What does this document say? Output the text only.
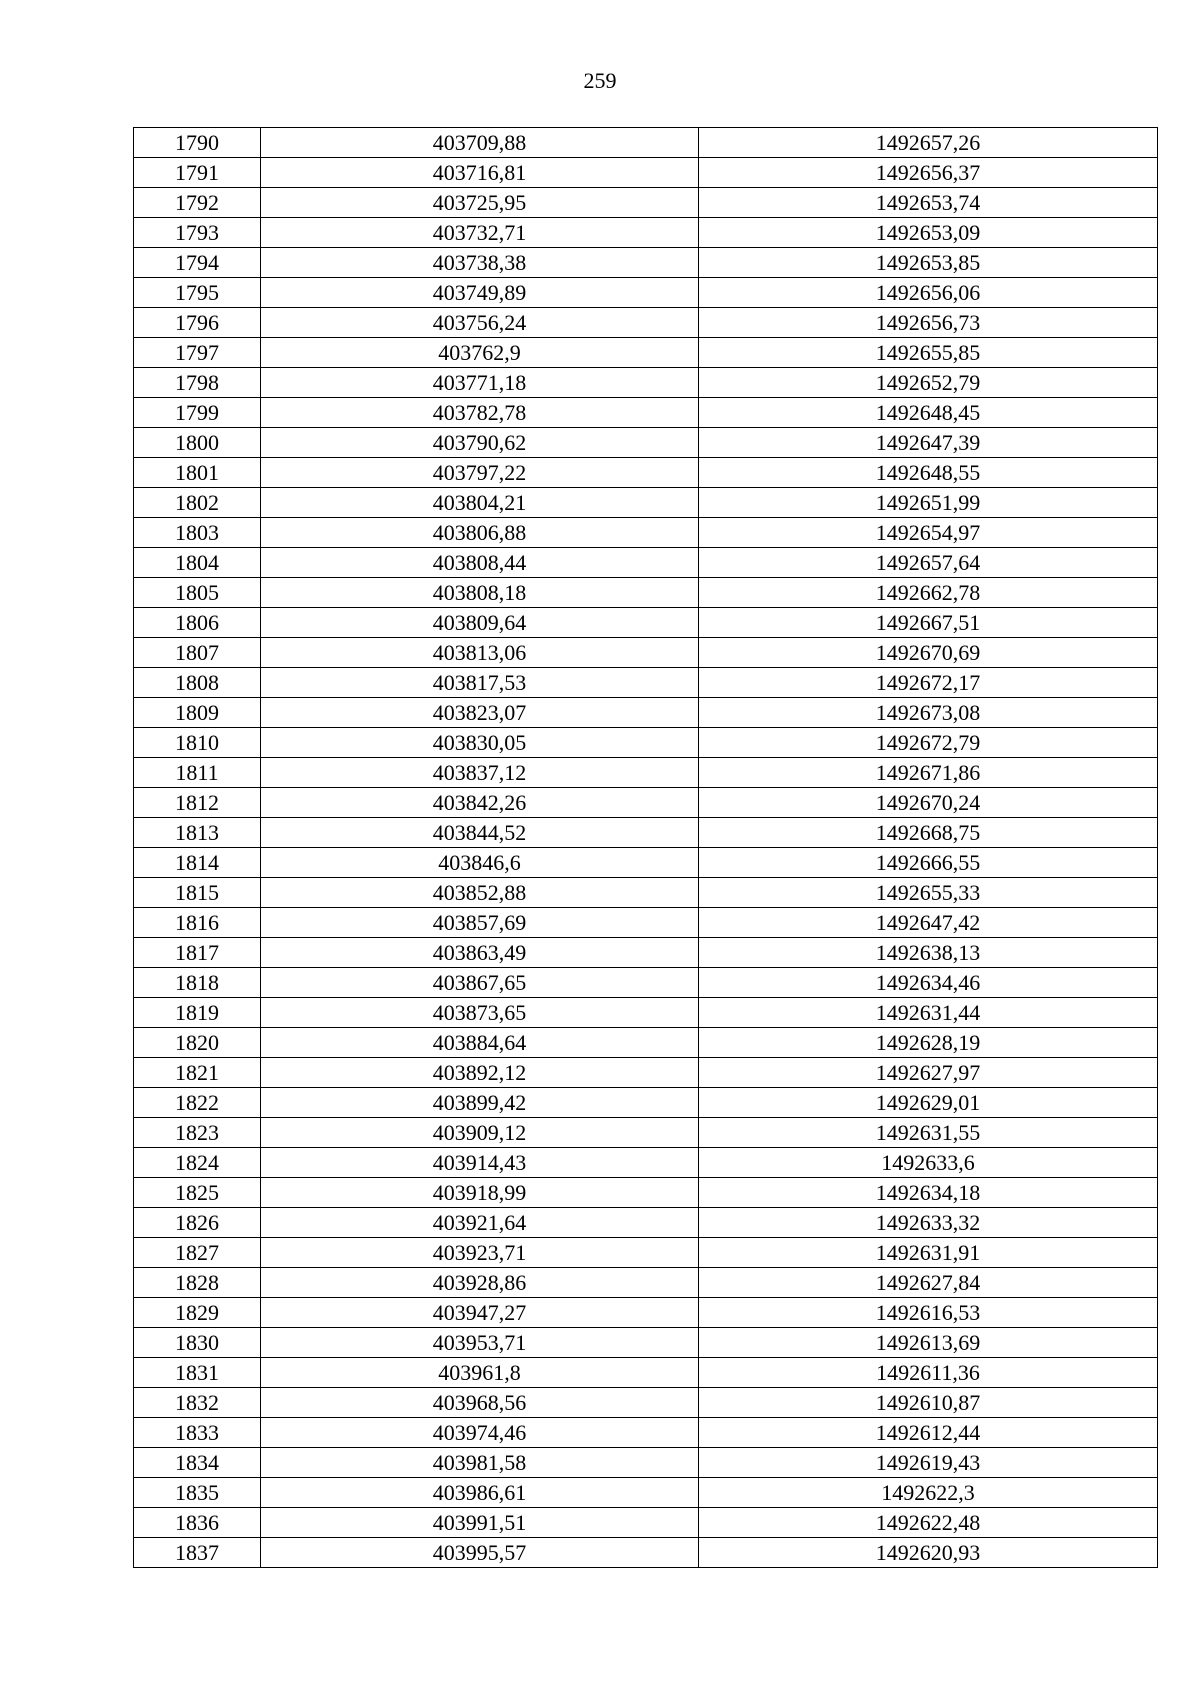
259
1790	403709,88	1492657,26
1791	403716,81	1492656,37
1792	403725,95	1492653,74
1793	403732,71	1492653,09
1794	403738,38	1492653,85
1795	403749,89	1492656,06
1796	403756,24	1492656,73
1797	403762,9	1492655,85
1798	403771,18	1492652,79
1799	403782,78	1492648,45
1800	403790,62	1492647,39
1801	403797,22	1492648,55
1802	403804,21	1492651,99
1803	403806,88	1492654,97
1804	403808,44	1492657,64
1805	403808,18	1492662,78
1806	403809,64	1492667,51
1807	403813,06	1492670,69
1808	403817,53	1492672,17
1809	403823,07	1492673,08
1810	403830,05	1492672,79
1811	403837,12	1492671,86
1812	403842,26	1492670,24
1813	403844,52	1492668,75
1814	403846,6	1492666,55
1815	403852,88	1492655,33
1816	403857,69	1492647,42
1817	403863,49	1492638,13
1818	403867,65	1492634,46
1819	403873,65	1492631,44
1820	403884,64	1492628,19
1821	403892,12	1492627,97
1822	403899,42	1492629,01
1823	403909,12	1492631,55
1824	403914,43	1492633,6
1825	403918,99	1492634,18
1826	403921,64	1492633,32
1827	403923,71	1492631,91
1828	403928,86	1492627,84
1829	403947,27	1492616,53
1830	403953,71	1492613,69
1831	403961,8	1492611,36
1832	403968,56	1492610,87
1833	403974,46	1492612,44
1834	403981,58	1492619,43
1835	403986,61	1492622,3
1836	403991,51	1492622,48
1837	403995,57	1492620,93
